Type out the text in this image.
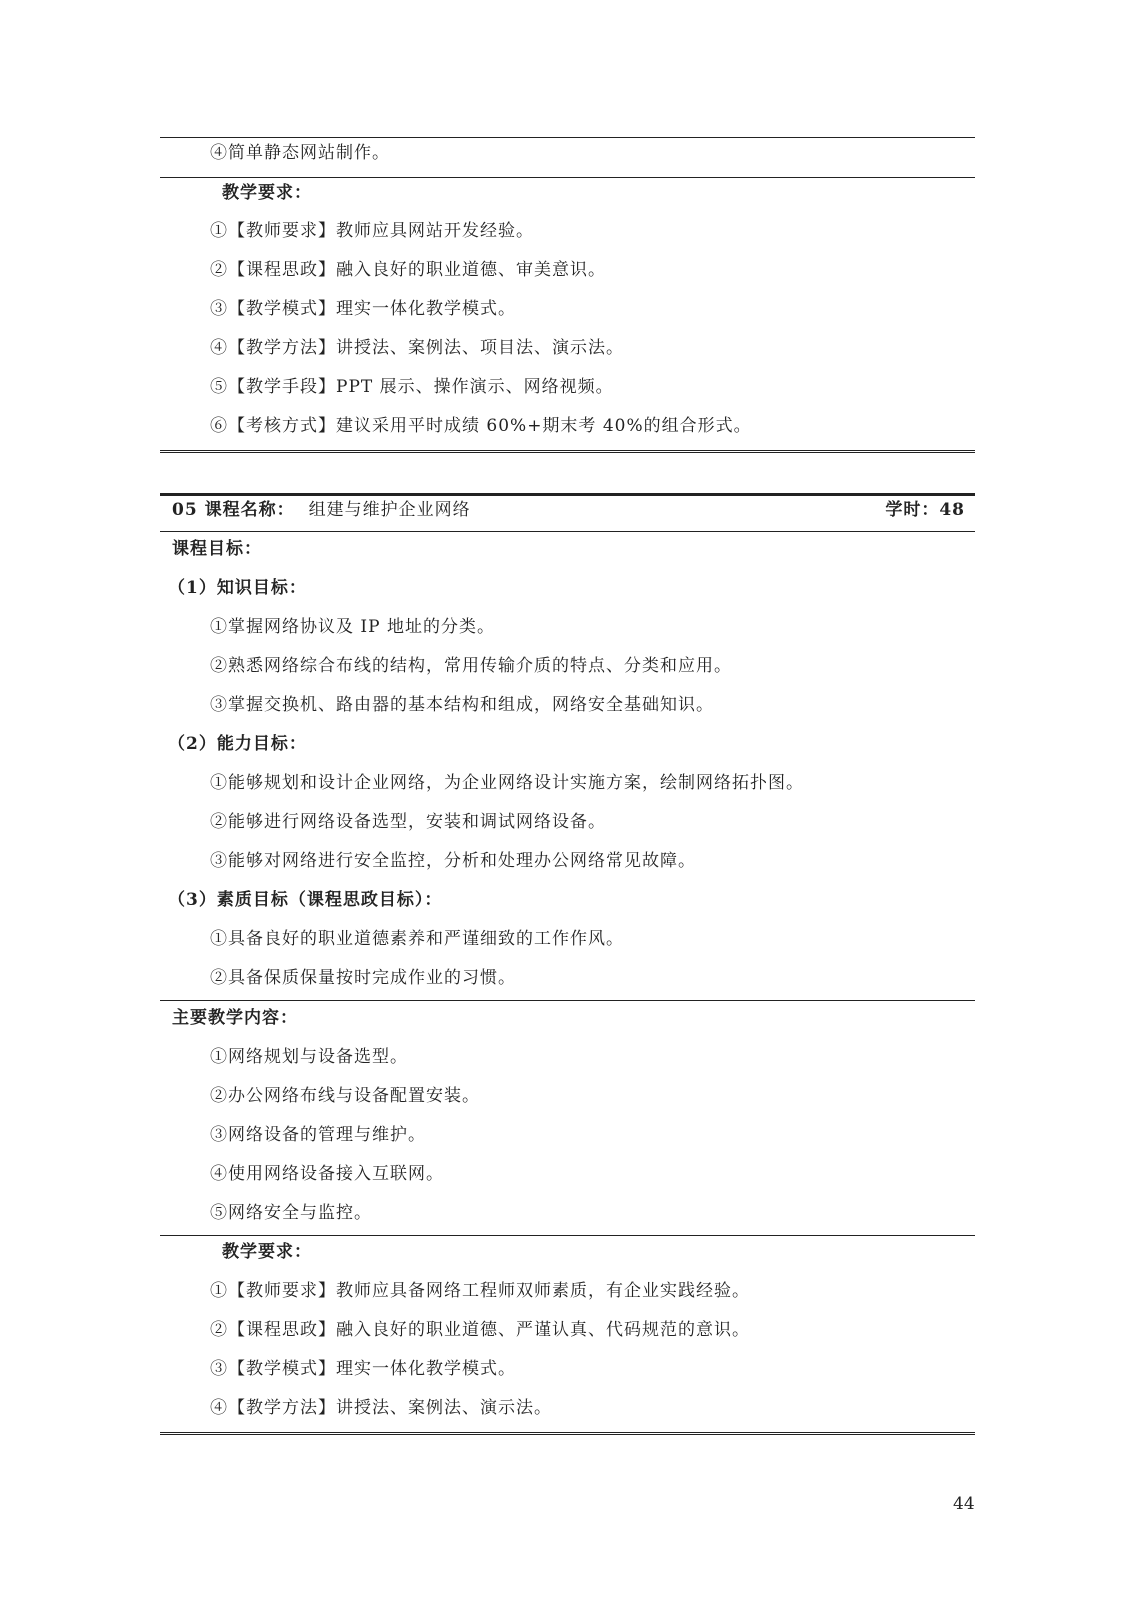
④简单静态网站制作。
教学要求：
①【教师要求】教师应具网站开发经验。
②【课程思政】融入良好的职业道德、审美意识。
③【教学模式】理实一体化教学模式。
④【教学方法】讲授法、案例法、项目法、演示法。
⑤【教学手段】PPT 展示、操作演示、网络视频。
⑥【考核方式】建议采用平时成绩 60%+期末考 40%的组合形式。
05 课程名称： 组建与维护企业网络	学时：48
课程目标：
（1）知识目标：
①掌握网络协议及 IP 地址的分类。
②熟悉网络综合布线的结构，常用传输介质的特点、分类和应用。
③掌握交换机、路由器的基本结构和组成，网络安全基础知识。
（2）能力目标：
①能够规划和设计企业网络，为企业网络设计实施方案，绘制网络拓扑图。
②能够进行网络设备选型，安装和调试网络设备。
③能够对网络进行安全监控，分析和处理办公网络常见故障。
（3）素质目标（课程思政目标）：
①具备良好的职业道德素养和严谨细致的工作作风。
②具备保质保量按时完成作业的习惯。
主要教学内容：
①网络规划与设备选型。
②办公网络布线与设备配置安装。
③网络设备的管理与维护。
④使用网络设备接入互联网。
⑤网络安全与监控。
教学要求：
①【教师要求】教师应具备网络工程师双师素质，有企业实践经验。
②【课程思政】融入良好的职业道德、严谨认真、代码规范的意识。
③【教学模式】理实一体化教学模式。
④【教学方法】讲授法、案例法、演示法。
44
